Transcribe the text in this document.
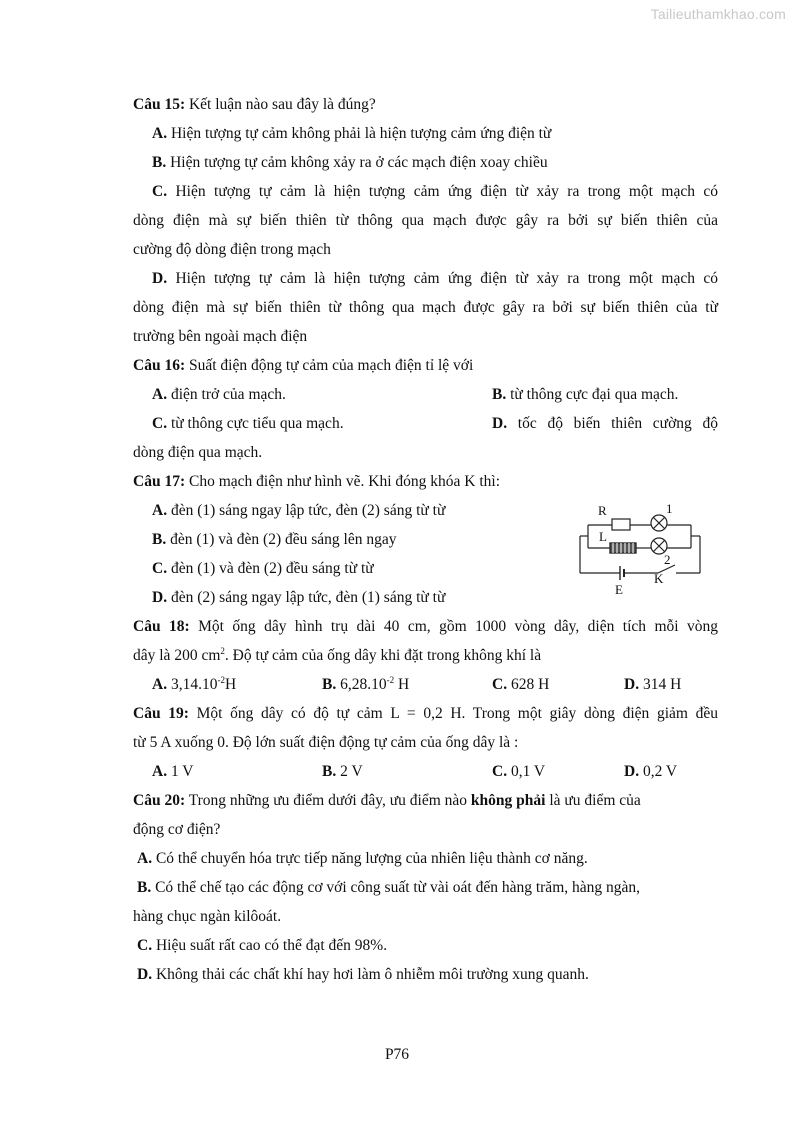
Tailieuthamkhao.com
Câu 15: Kết luận nào sau đây là đúng?
A. Hiện tượng tự cảm không phải là hiện tượng cảm ứng điện từ
B. Hiện tượng tự cảm không xảy ra ở các mạch điện xoay chiều
C. Hiện tượng tự cảm là hiện tượng cảm ứng điện từ xảy ra trong một mạch có
dòng điện mà sự biến thiên từ thông qua mạch được gây ra bởi sự biến thiên của
cường độ dòng điện trong mạch
D. Hiện tượng tự cảm là hiện tượng cảm ứng điện từ xảy ra trong một mạch có
dòng điện mà sự biến thiên từ thông qua mạch được gây ra bởi sự biến thiên của từ
trường bên ngoài mạch điện
Câu 16: Suất điện động tự cảm của mạch điện tỉ lệ với
A. điện trở của mạch.	B. từ thông cực đại qua mạch.
C. từ thông cực tiểu qua mạch.	D. tốc độ biến thiên cường độ
dòng điện qua mạch.
Câu 17: Cho mạch điện như hình vẽ. Khi đóng khóa K thì:
A. đèn (1) sáng ngay lập tức, đèn (2) sáng từ từ
B. đèn (1) và đèn (2) đều sáng lên ngay
C. đèn (1) và đèn (2) đều sáng từ từ
D. đèn (2) sáng ngay lập tức, đèn (1) sáng từ từ
R	1
L
2
K
E
Câu 18: Một ống dây hình trụ dài 40 cm, gồm 1000 vòng dây, diện tích mỗi vòng
dây là 200 $cm^2$. Độ tự cảm của ống dây khi đặt trong không khí là
A. $3,14.10^{-2}H$	B. $6,28.10^{-2}$ H	C. 628 H	D. 314 H
Câu 19: Một ống dây có độ tự cảm L = 0,2 H. Trong một giây dòng điện giảm đều
từ 5 A xuống 0. Độ lớn suất điện động tự cảm của ống dây là :
A. 1 V	B. 2 V	C. 0,1 V	D. 0,2 V
Câu 20: Trong những ưu điểm dưới đây, ưu điểm nào không phải là ưu điểm của
động cơ điện?
A. Có thể chuyển hóa trực tiếp năng lượng của nhiên liệu thành cơ năng.
B. Có thể chế tạo các động cơ với công suất từ vài oát đến hàng trăm, hàng ngàn,
hàng chục ngàn kilôoát.
C. Hiệu suất rất cao có thể đạt đến 98%.
D. Không thải các chất khí hay hơi làm ô nhiễm môi trường xung quanh.
P76
